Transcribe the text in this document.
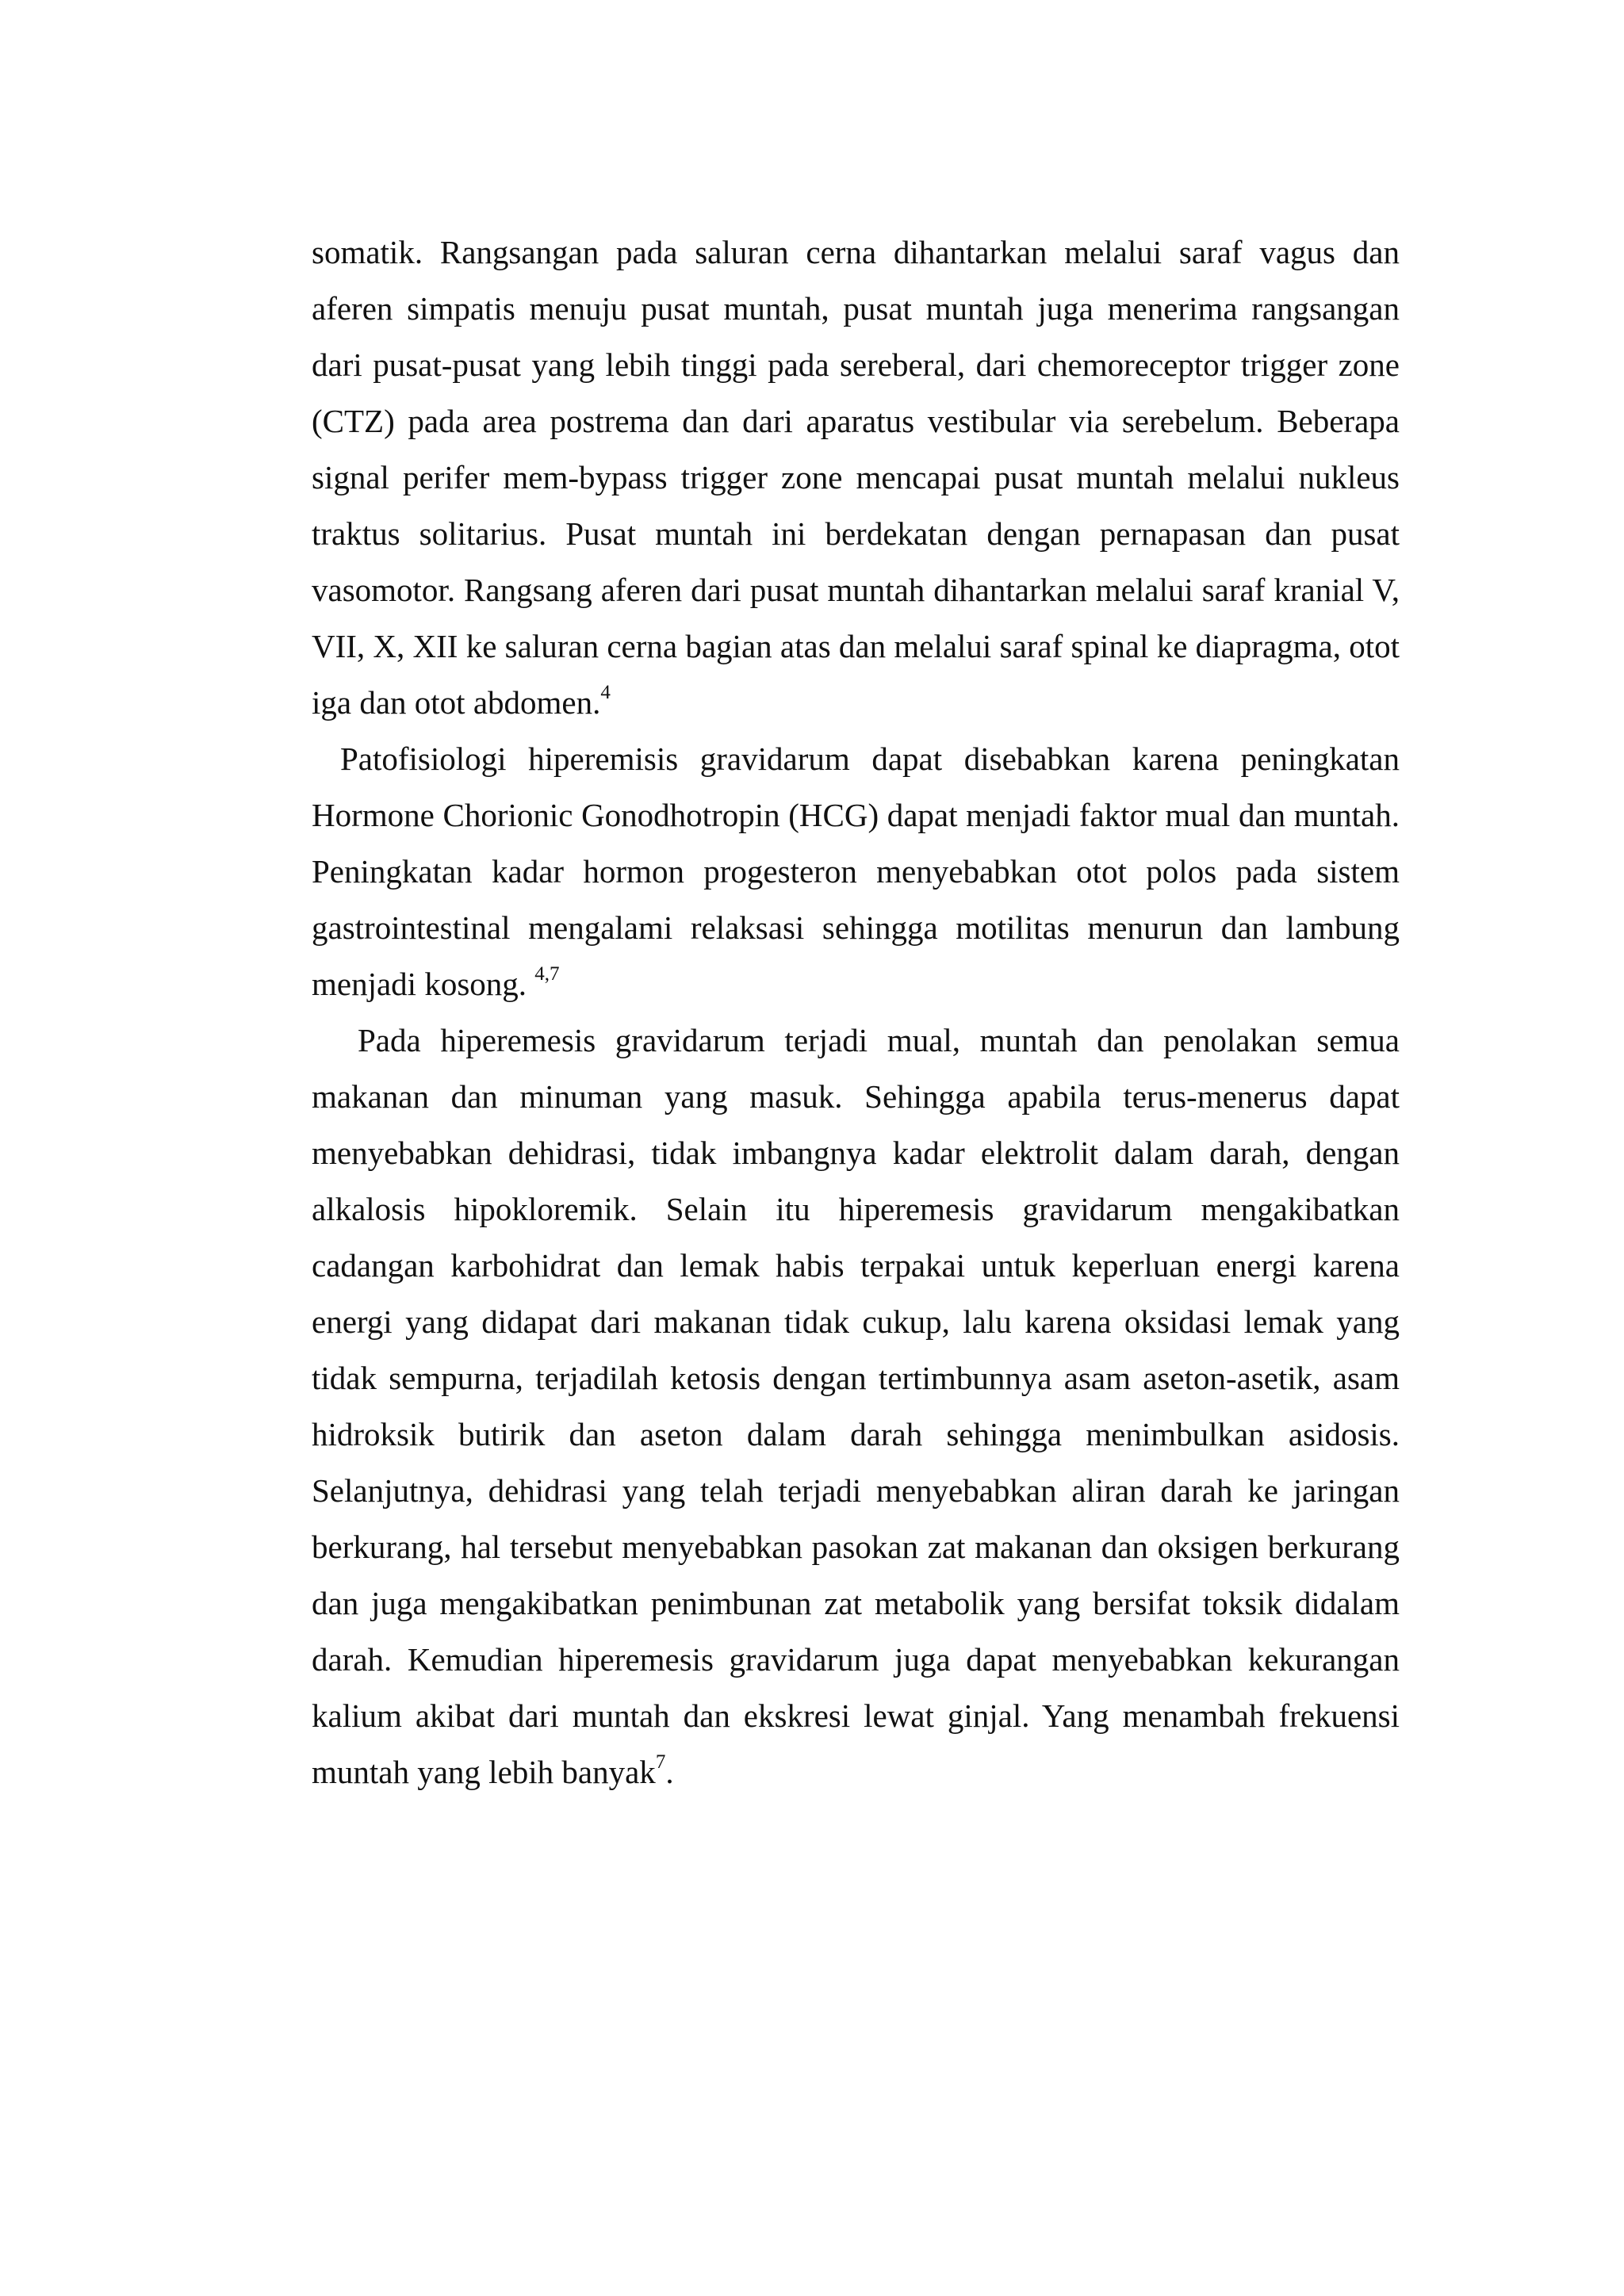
somatik. Rangsangan pada saluran cerna dihantarkan melalui saraf vagus dan aferen simpatis menuju pusat muntah, pusat muntah juga menerima rangsangan dari pusat-pusat yang lebih tinggi pada sereberal, dari chemoreceptor trigger zone (CTZ) pada area postrema dan dari aparatus vestibular via serebelum. Beberapa signal perifer mem-bypass trigger zone mencapai pusat muntah melalui nukleus traktus solitarius. Pusat muntah ini berdekatan dengan pernapasan dan pusat vasomotor. Rangsang aferen dari pusat muntah dihantarkan melalui saraf kranial V, VII, X, XII ke saluran cerna bagian atas dan melalui saraf spinal ke diapragma, otot iga dan otot abdomen.$^4$

Patofisiologi hiperemisis gravidarum dapat disebabkan karena peningkatan Hormone Chorionic Gonodhotropin (HCG) dapat menjadi faktor mual dan muntah. Peningkatan kadar hormon progesteron menyebabkan otot polos pada sistem gastrointestinal mengalami relaksasi sehingga motilitas menurun dan lambung menjadi kosong. $^{4,7}$

Pada hiperemesis gravidarum terjadi mual, muntah dan penolakan semua makanan dan minuman yang masuk. Sehingga apabila terus-menerus dapat menyebabkan dehidrasi, tidak imbangnya kadar elektrolit dalam darah, dengan alkalosis hipokloremik. Selain itu hiperemesis gravidarum mengakibatkan cadangan karbohidrat dan lemak habis terpakai untuk keperluan energi karena energi yang didapat dari makanan tidak cukup, lalu karena oksidasi lemak yang tidak sempurna, terjadilah ketosis dengan tertimbunnya asam aseton-asetik, asam hidroksik butirik dan aseton dalam darah sehingga menimbulkan asidosis. Selanjutnya, dehidrasi yang telah terjadi menyebabkan aliran darah ke jaringan berkurang, hal tersebut menyebabkan pasokan zat makanan dan oksigen berkurang dan juga mengakibatkan penimbunan zat metabolik yang bersifat toksik didalam darah. Kemudian hiperemesis gravidarum juga dapat menyebabkan kekurangan kalium akibat dari muntah dan ekskresi lewat ginjal. Yang menambah frekuensi muntah yang lebih banyak$^7$.
